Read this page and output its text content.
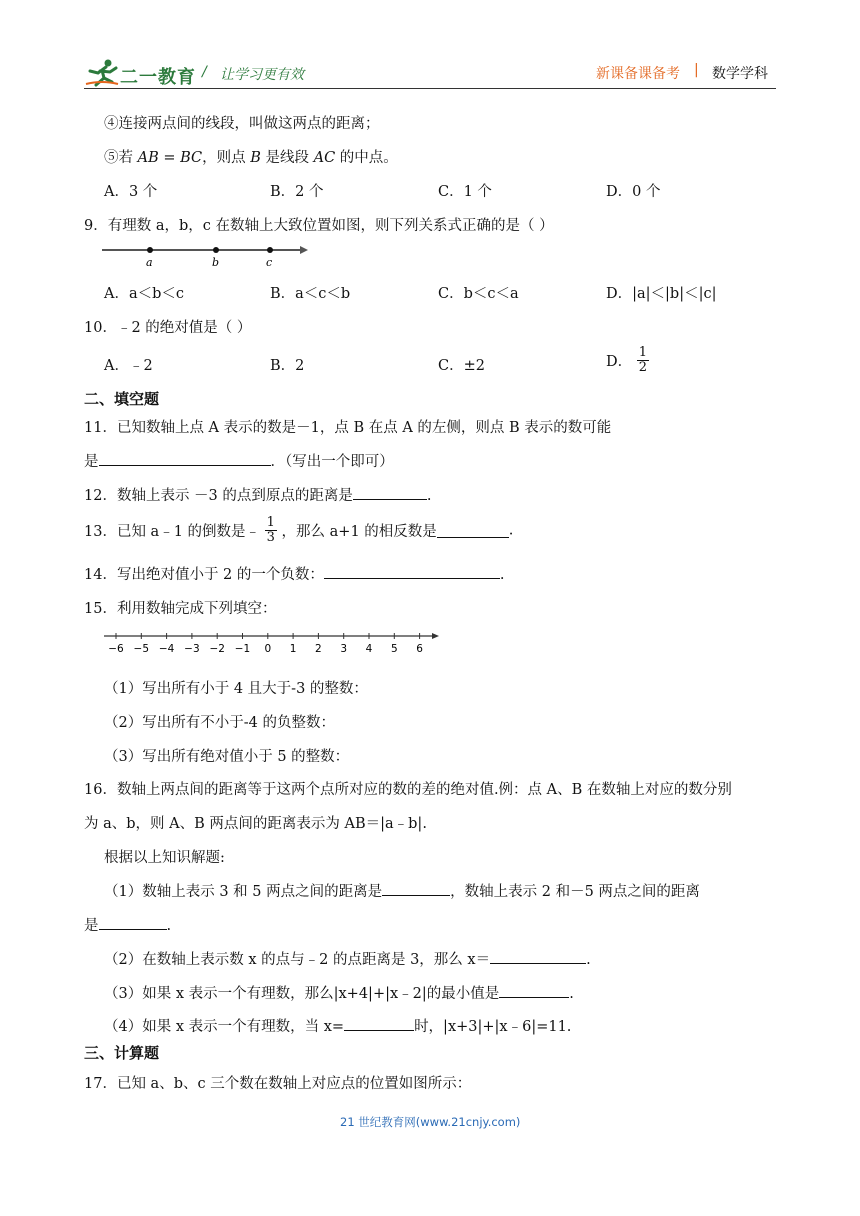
二一教育 / 让学习更有效	新课备课备考 | 数学学科
④连接两点间的线段，叫做这两点的距离；
⑤若 AB = BC，则点 B 是线段 AC 的中点。
A．3 个	B．2 个	C．1 个	D．0 个
9．有理数 a，b，c 在数轴上大致位置如图，则下列关系式正确的是（ ）
a	b	c
A．a＜b＜c	B．a＜c＜b	C．b＜c＜a	D．|a|＜|b|＜|c|
10．﹣2 的绝对值是（ ）
A．﹣2	B．2	C．±2	D． $\frac{1}{2}$
二、填空题
11．已知数轴上点 A 表示的数是－1，点 B 在点 A 的左侧，则点 B 表示的数可能
是	．（写出一个即可）
12．数轴上表示 －3 的点到原点的距离是	.
13．已知 a﹣1 的倒数是﹣ $\frac{1}{3}$ ，那么 a+1 的相反数是	.
14．写出绝对值小于 2 的一个负数：	.
15．利用数轴完成下列填空：
−6 −5 −4 −3 −2 −1 0 1 2 3 4 5 6
（1）写出所有小于 4 且大于-3 的整数：
（2）写出所有不小于-4 的负整数：
（3）写出所有绝对值小于 5 的整数：
16．数轴上两点间的距离等于这两个点所对应的数的差的绝对值.例：点 A、B 在数轴上对应的数分别
为 a、b，则 A、B 两点间的距离表示为 AB＝|a﹣b|.
根据以上知识解题:
（1）数轴上表示 3 和 5 两点之间的距离是	，数轴上表示 2 和－5 两点之间的距离
是	.
（2）在数轴上表示数 x 的点与﹣2 的点距离是 3，那么 x＝	.
（3）如果 x 表示一个有理数，那么|x+4|+|x﹣2|的最小值是	.
（4）如果 x 表示一个有理数，当 x=	时，|x+3|+|x﹣6|=11.
三、计算题
17．已知 a、b、c 三个数在数轴上对应点的位置如图所示：
21 世纪教育网(www.21cnjy.com)
